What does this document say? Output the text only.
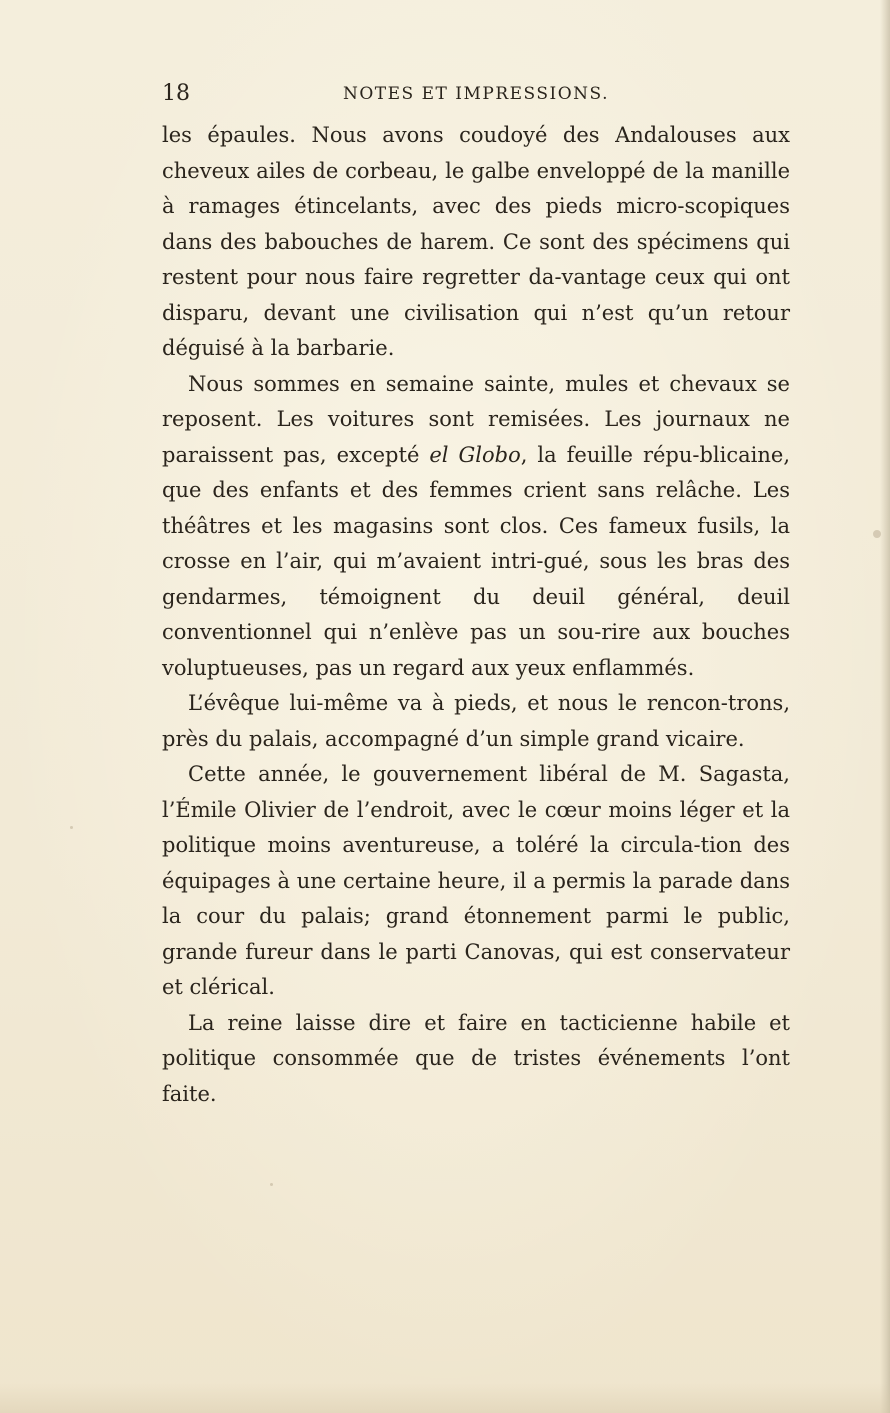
18	NOTES ET IMPRESSIONS.

les épaules. Nous avons coudoyé des Andalouses aux cheveux ailes de corbeau, le galbe enveloppé de la manille à ramages étincelants, avec des pieds micro-scopiques dans des babouches de harem. Ce sont des spécimens qui restent pour nous faire regretter da-vantage ceux qui ont disparu, devant une civilisation qui n’est qu’un retour déguisé à la barbarie.

Nous sommes en semaine sainte, mules et chevaux se reposent. Les voitures sont remisées. Les journaux ne paraissent pas, excepté el Globo, la feuille répu-blicaine, que des enfants et des femmes crient sans relâche. Les théâtres et les magasins sont clos. Ces fameux fusils, la crosse en l’air, qui m’avaient intri-gué, sous les bras des gendarmes, témoignent du deuil général, deuil conventionnel qui n’enlève pas un sou-rire aux bouches voluptueuses, pas un regard aux yeux enflammés.

L’évêque lui-même va à pieds, et nous le rencon-trons, près du palais, accompagné d’un simple grand vicaire.

Cette année, le gouvernement libéral de M. Sagasta, l’Émile Olivier de l’endroit, avec le cœur moins léger et la politique moins aventureuse, a toléré la circula-tion des équipages à une certaine heure, il a permis la parade dans la cour du palais; grand étonnement parmi le public, grande fureur dans le parti Canovas, qui est conservateur et clérical.

La reine laisse dire et faire en tacticienne habile et politique consommée que de tristes événements l’ont faite.
